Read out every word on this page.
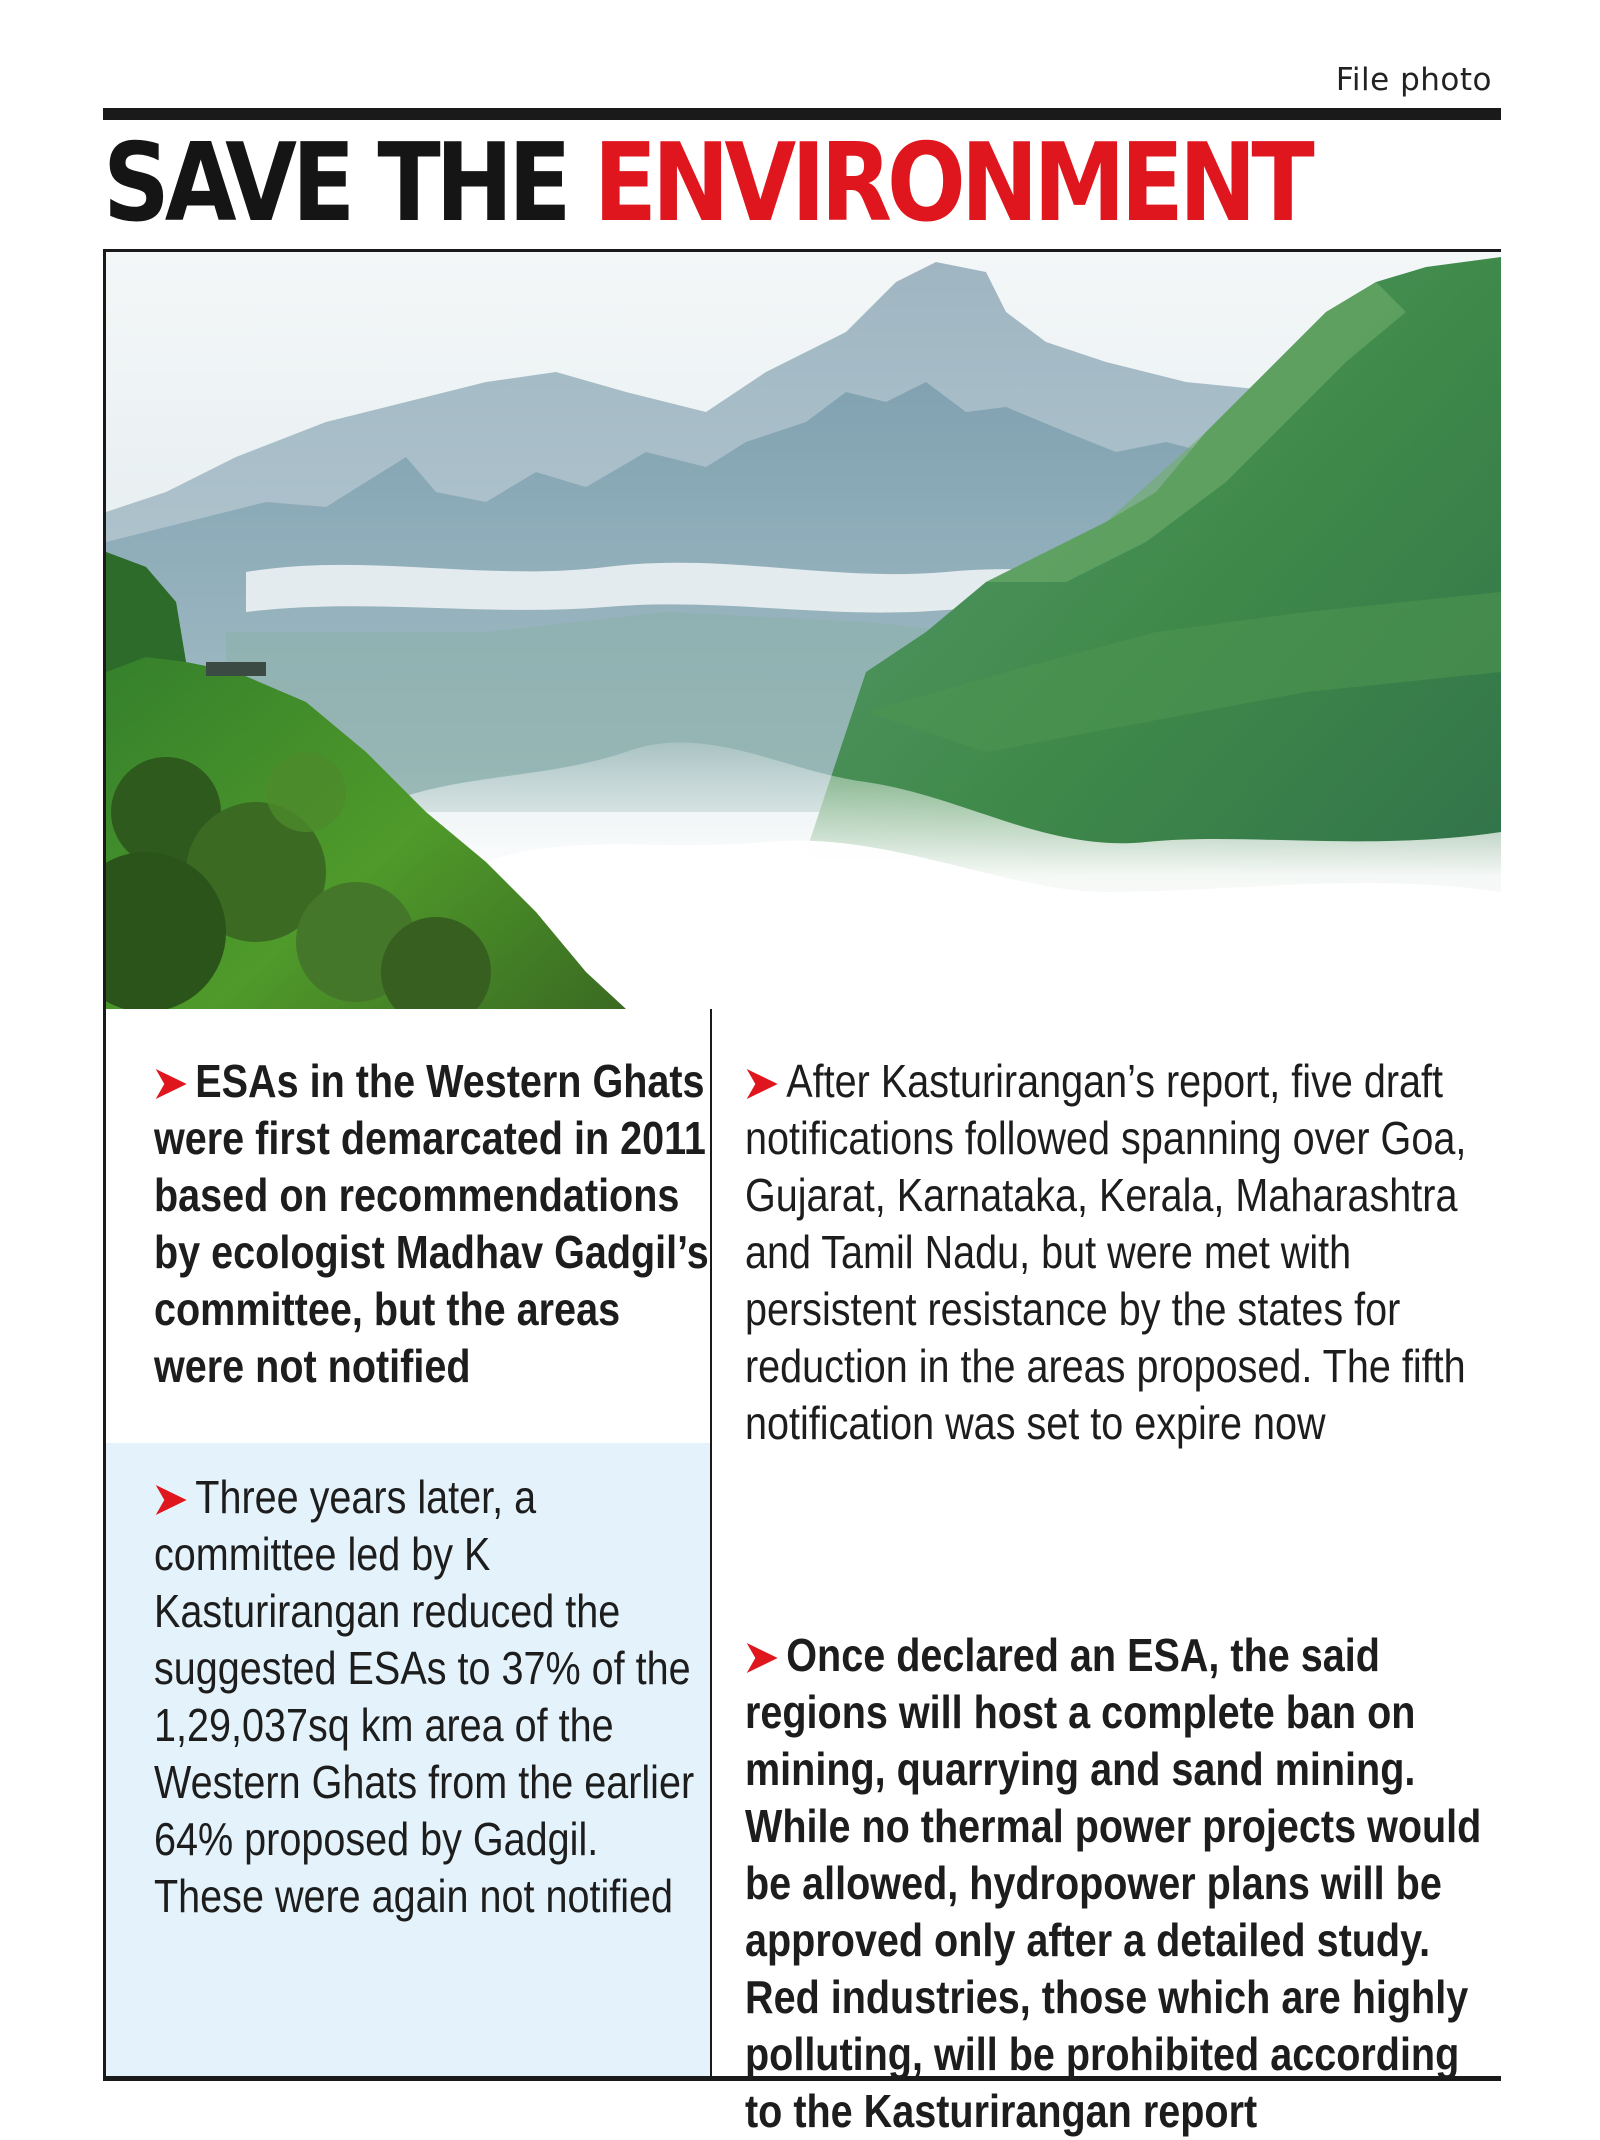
File photo
SAVE THE ENVIRONMENT
ESAs in the Western Ghats were first demarcated in 2011 based on recommendations by ecologist Madhav Gadgil’s committee, but the areas were not notified
Three years later, a committee led by K Kasturirangan reduced the suggested ESAs to 37% of the 1,29,037sq km area of the Western Ghats from the earlier 64% proposed by Gadgil. These were again not notified
After Kasturirangan’s report, five draft notifications followed spanning over Goa, Gujarat, Karnataka, Kerala, Maharashtra and Tamil Nadu, but were met with persistent resistance by the states for reduction in the areas proposed. The fifth notification was set to expire now
Once declared an ESA, the said regions will host a complete ban on mining, quarrying and sand mining. While no thermal power projects would be allowed, hydropower plans will be approved only after a detailed study. Red industries, those which are highly polluting, will be prohibited according to the Kasturirangan report
